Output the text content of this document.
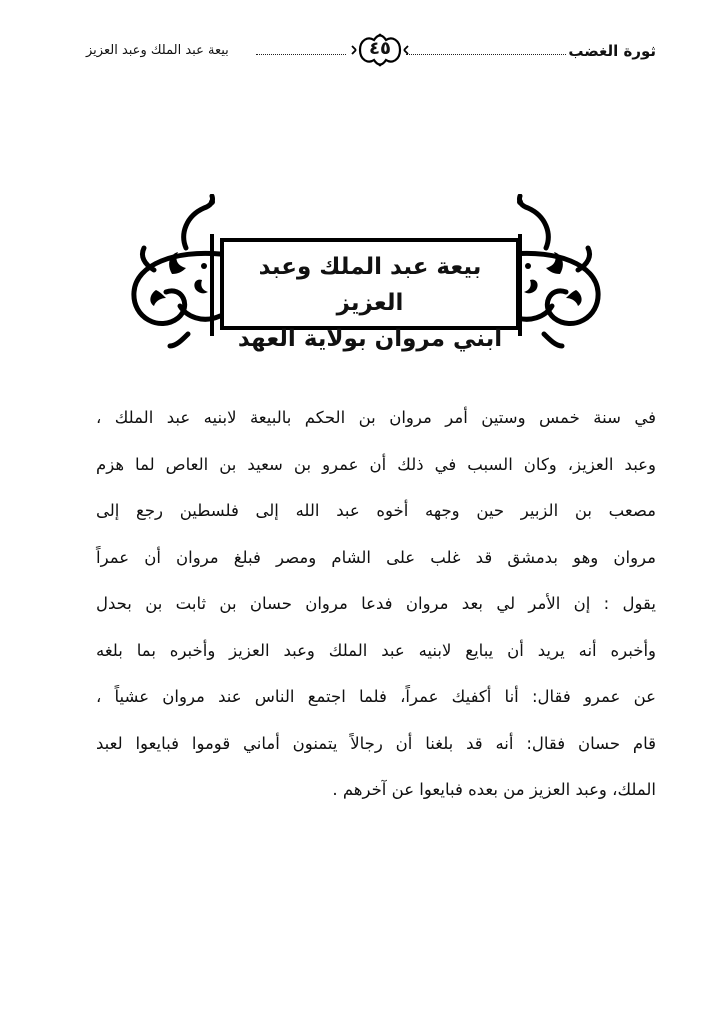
ثورة الغضب
٤٥
بيعة عبد الملك وعبد العزيز
بيعة عبد الملك وعبد العزيز
ابني مروان بولاية العهد
في سنة خمس وستين أمر مروان بن الحكم بالبيعة لابنيه عبد الملك ،
وعبد العزيز، وكان السبب في ذلك أن عمرو بن سعيد بن العاص لما هزم
مصعب بن الزبير حين وجهه أخوه عبد الله إلى فلسطين رجع إلى
مروان وهو بدمشق قد غلب على الشام ومصر فبلغ مروان أن عمراً
يقول : إن الأمر لي بعد مروان فدعا مروان حسان بن ثابت بن بحدل
وأخبره أنه يريد أن يبايع لابنيه عبد الملك وعبد العزيز وأخبره بما بلغه
عن عمرو فقال: أنا أكفيك عمراً، فلما اجتمع الناس عند مروان عشياً ،
قام حسان فقال: أنه قد بلغنا أن رجالاً يتمنون أماني قوموا فبايعوا لعبد
الملك، وعبد العزيز من بعده فبايعوا عن آخرهم .
